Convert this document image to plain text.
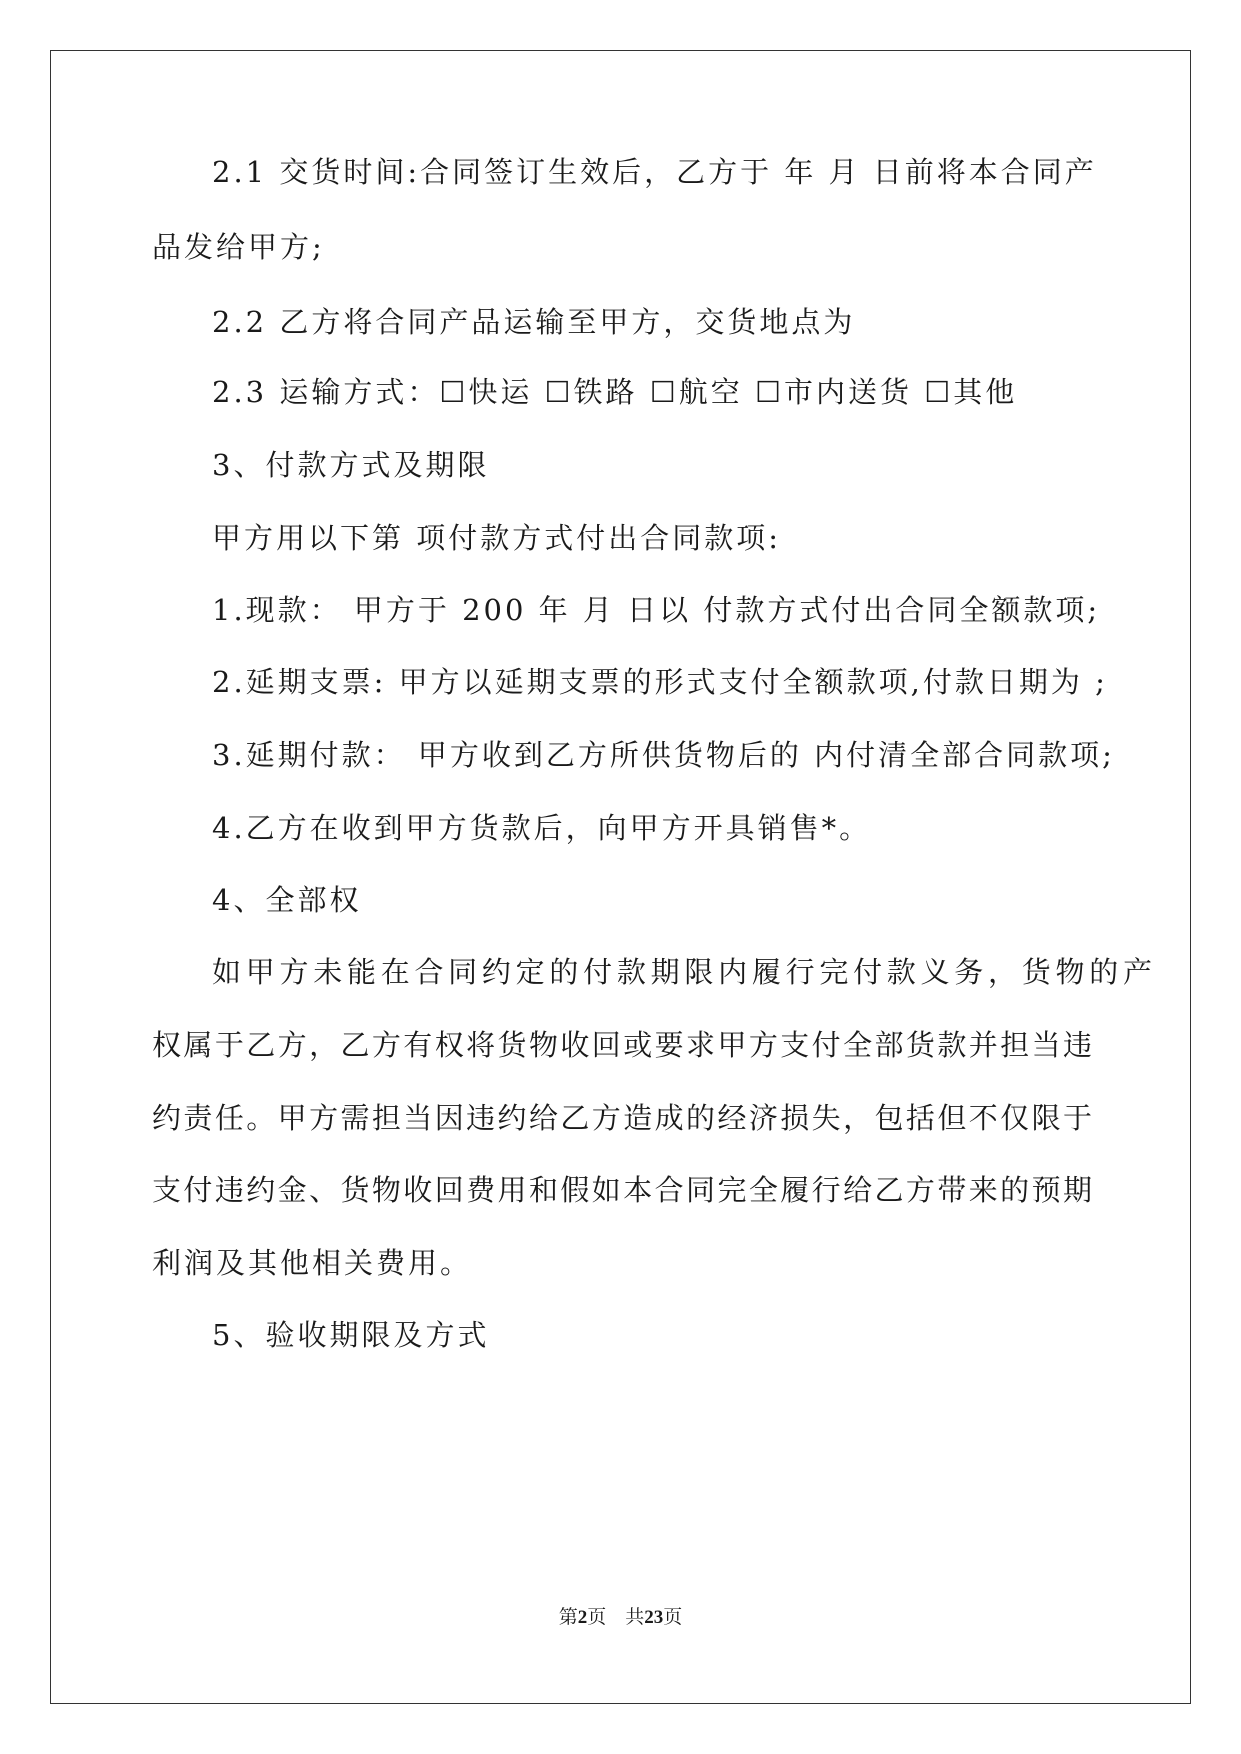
2.1 交货时间:合同签订生效后，乙方于 年 月 日前将本合同产
品发给甲方;
2.2 乙方将合同产品运输至甲方，交货地点为
2.3 运输方式：☐快运 ☐铁路 ☐航空 ☐市内送货 ☐其他
3、付款方式及期限
甲方用以下第 项付款方式付出合同款项:
1.现款： 甲方于 200 年 月 日以 付款方式付出合同全额款项;
2.延期支票: 甲方以延期支票的形式支付全额款项,付款日期为 ;
3.延期付款： 甲方收到乙方所供货物后的 内付清全部合同款项;
4.乙方在收到甲方货款后，向甲方开具销售*。
4、全部权
如甲方未能在合同约定的付款期限内履行完付款义务，货物的产
权属于乙方，乙方有权将货物收回或要求甲方支付全部货款并担当违
约责任。甲方需担当因违约给乙方造成的经济损失，包括但不仅限于
支付违约金、货物收回费用和假如本合同完全履行给乙方带来的预期
利润及其他相关费用。
5、验收期限及方式
第2页　共23页
